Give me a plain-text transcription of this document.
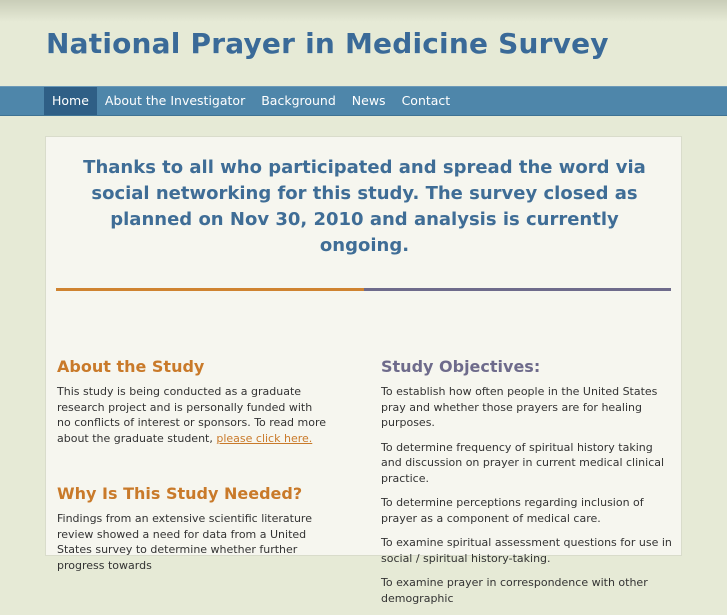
National Prayer in Medicine Survey
Home	About the Investigator	Background	News	Contact
Thanks to all who participated and spread the word via social networking for this study. The survey closed as planned on Nov 30, 2010 and analysis is currently ongoing.
About the Study

This study is being conducted as a graduate research project and is personally funded with no conflicts of interest or sponsors. To read more about the graduate student, please click here.

Why Is This Study Needed?

Findings from an extensive scientific literature review showed a need for data from a United States survey to determine whether further progress towards

Study Objectives:

To establish how often people in the United States pray and whether those prayers are for healing purposes.

To determine frequency of spiritual history taking and discussion on prayer in current medical clinical practice.

To determine perceptions regarding inclusion of prayer as a component of medical care.

To examine spiritual assessment questions for use in social / spiritual history-taking.

To examine prayer in correspondence with other demographic
